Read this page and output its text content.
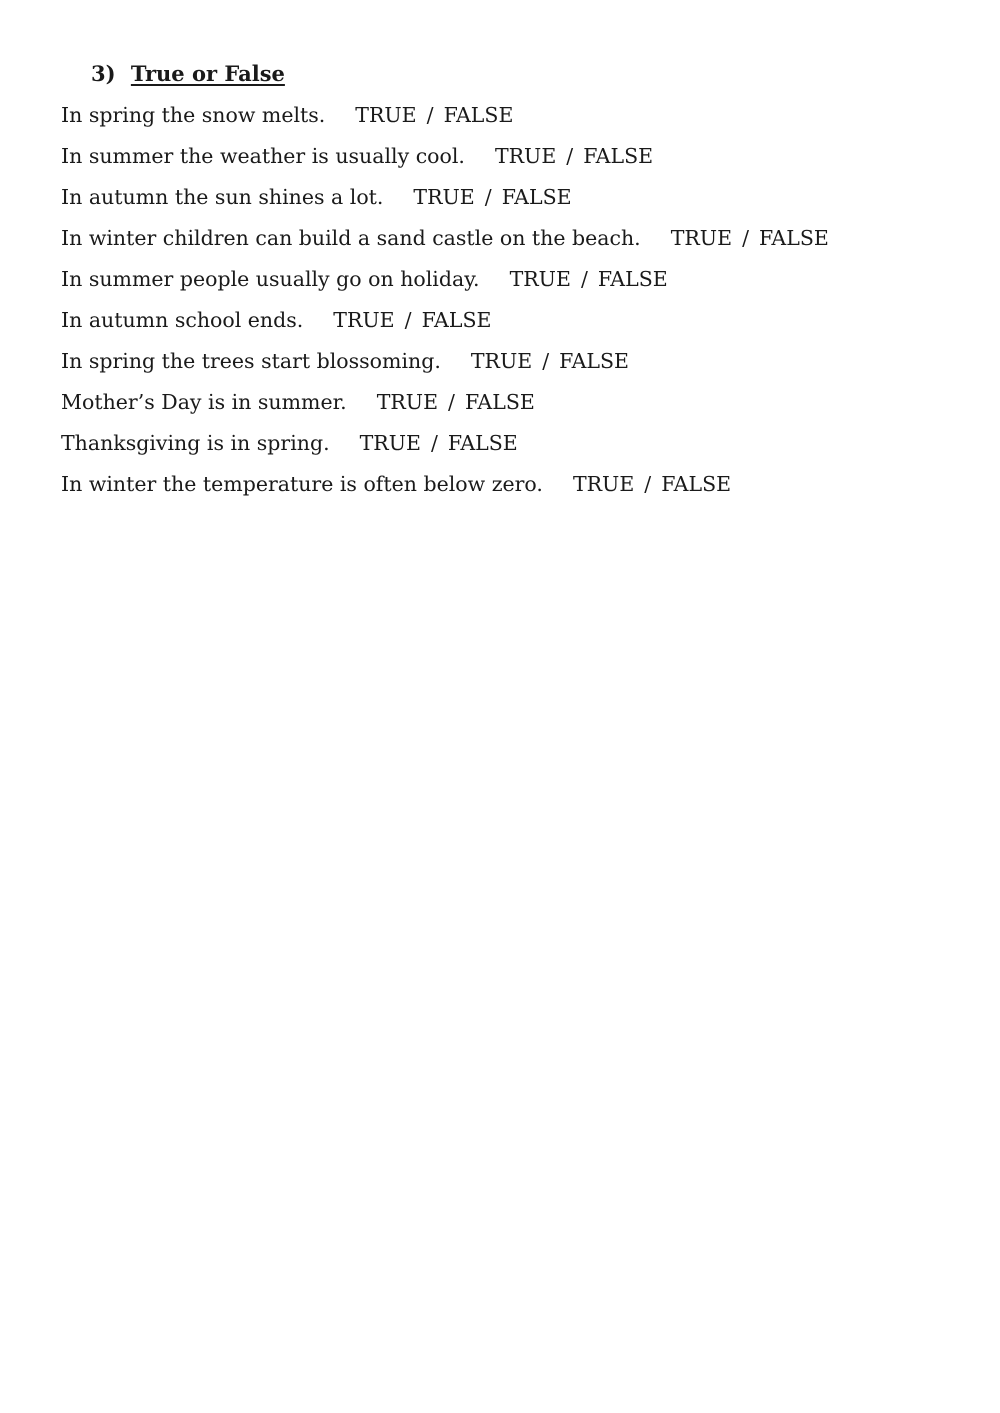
3) True or False
In spring the snow melts. TRUE / FALSE
In summer the weather is usually cool. TRUE / FALSE
In autumn the sun shines a lot. TRUE / FALSE
In winter children can build a sand castle on the beach. TRUE / FALSE
In summer people usually go on holiday. TRUE / FALSE
In autumn school ends. TRUE / FALSE
In spring the trees start blossoming. TRUE / FALSE
Mother’s Day is in summer. TRUE / FALSE
Thanksgiving is in spring. TRUE / FALSE
In winter the temperature is often below zero. TRUE / FALSE
